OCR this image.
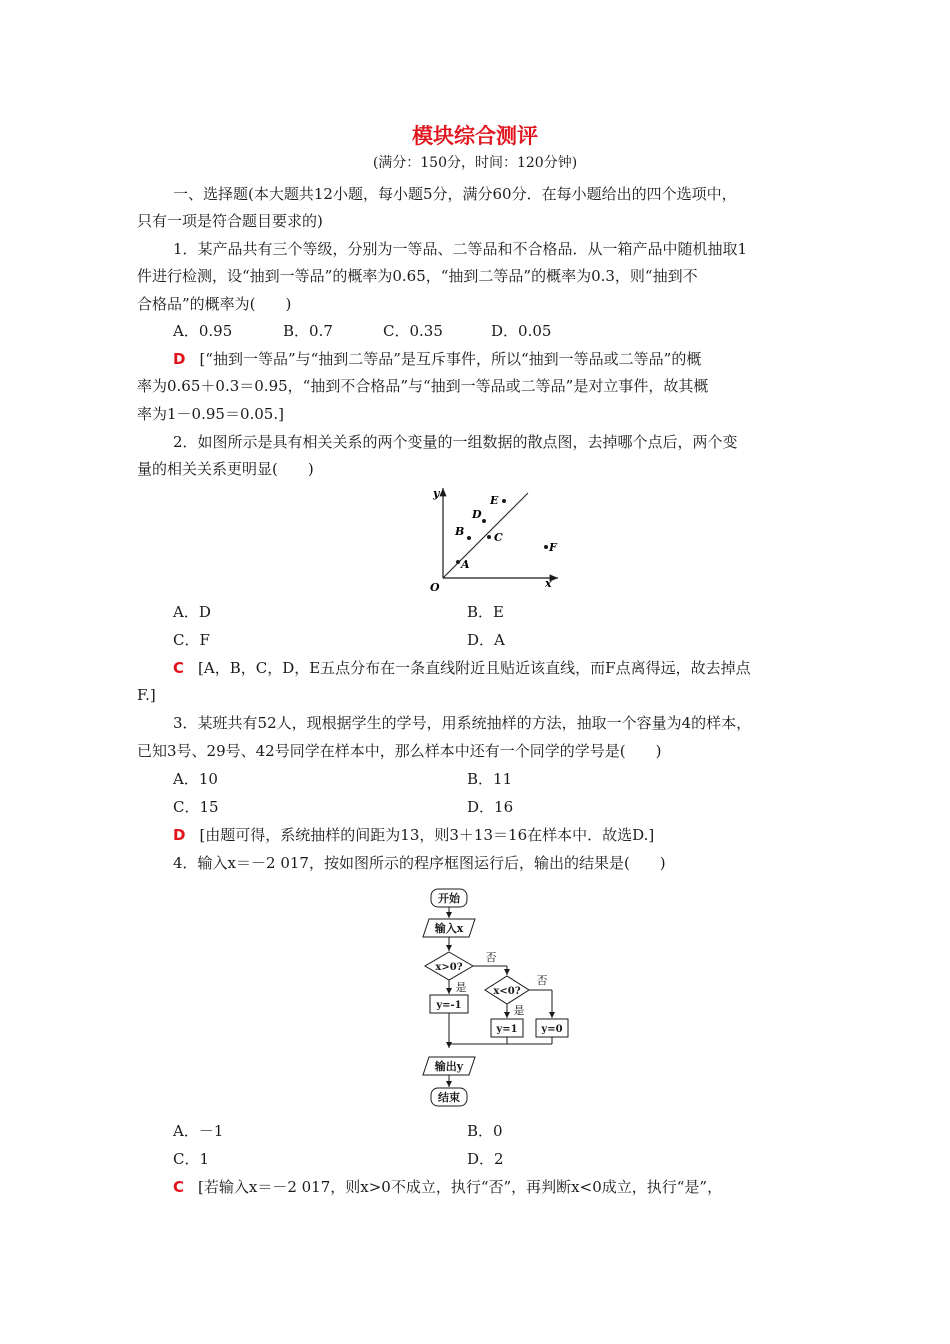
模块综合测评
(满分：150分，时间：120分钟)
一、选择题(本大题共12小题，每小题5分，满分60分．在每小题给出的四个选项中，
只有一项是符合题目要求的)
1．某产品共有三个等级，分别为一等品、二等品和不合格品．从一箱产品中随机抽取1
件进行检测，设“抽到一等品”的概率为0.65，“抽到二等品”的概率为0.3，则“抽到不
合格品”的概率为(　　)
A．0.95	B．0.7	C．0.35	D．0.05
D [“抽到一等品”与“抽到二等品”是互斥事件，所以“抽到一等品或二等品”的概
率为0.65＋0.3＝0.95，“抽到不合格品”与“抽到一等品或二等品”是对立事件，故其概
率为1－0.95＝0.05.]
2．如图所示是具有相关关系的两个变量的一组数据的散点图，去掉哪个点后，两个变
量的相关关系更明显(　　)
y
x
O
A
B	C
D
E
F
A．D	B．E
C．F	D．A
C [A，B，C，D，E五点分布在一条直线附近且贴近该直线，而F点离得远，故去掉点
F.]
3．某班共有52人，现根据学生的学号，用系统抽样的方法，抽取一个容量为4的样本，
已知3号、29号、42号同学在样本中，那么样本中还有一个同学的学号是(　　)
A．10	B．11
C．15	D．16
D [由题可得，系统抽样的间距为13，则3＋13＝16在样本中．故选D.]
4．输入x＝－2 017，按如图所示的程序框图运行后，输出的结果是(　　)
开始
输入x
x>0?
是
否
y=-1
x<0?
是
否
y=1 y=0
输出y
结束
A．－1	B．0
C．1	D．2
C [若输入x＝－2 017，则x>0不成立，执行“否”，再判断x<0成立，执行“是”，
